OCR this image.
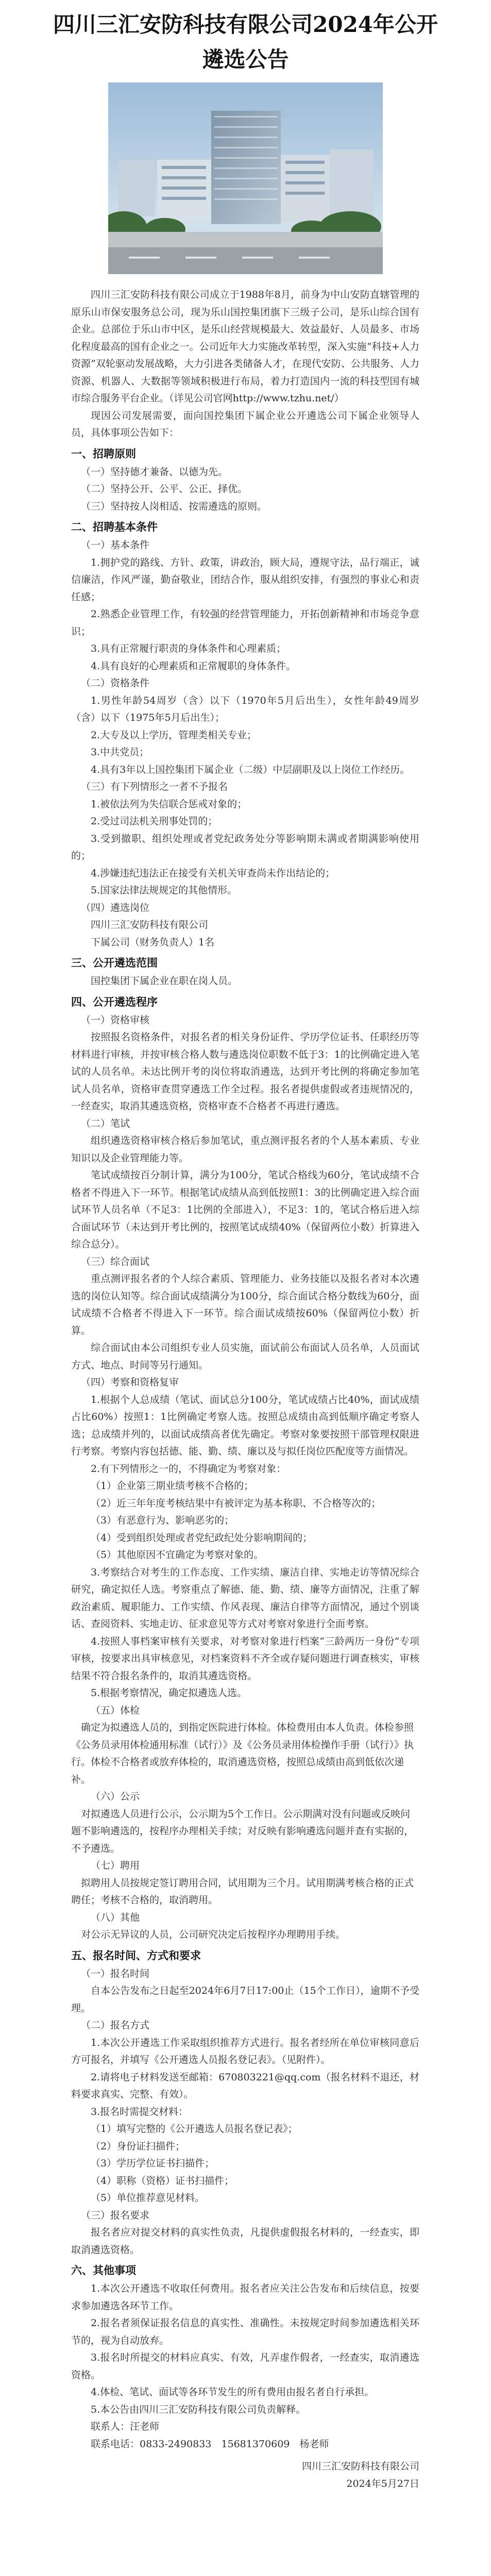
四川三汇安防科技有限公司2024年公开
遴选公告

四川三汇安防科技有限公司成立于1988年8月，前身为中山安防直辖管理的原乐山市保安服务总公司，现为乐山国控集团旗下三级子公司，是乐山综合国有企业。总部位于乐山市中区，是乐山经营规模最大、效益最好、人员最多、市场化程度最高的国有企业之一。公司近年大力实施改革转型，深入实施“科技+人力资源”双轮驱动发展战略，大力引进各类储备人才，在现代安防、公共服务、人力资源、机器人、大数据等领域积极进行布局，着力打造国内一流的科技型国有城市综合服务平台企业。（详见公司官网http://www.tzhu.net/）

现因公司发展需要，面向国控集团下属企业公开遴选公司下属企业领导人员，具体事项公告如下：

一、招聘原则

（一）坚持德才兼备、以德为先。

（二）坚持公开、公平、公正、择优。

（三）坚持按人岗相适、按需遴选的原则。

二、招聘基本条件

（一）基本条件

1.拥护党的路线、方针、政策，讲政治，顾大局，遵规守法，品行端正，诚信廉洁，作风严谨，勤奋敬业，团结合作，服从组织安排，有强烈的事业心和责任感；

2.熟悉企业管理工作，有较强的经营管理能力，开拓创新精神和市场竞争意识；

3.具有正常履行职责的身体条件和心理素质；

4.具有良好的心理素质和正常履职的身体条件。

（二）资格条件

1.男性年龄54周岁（含）以下（1970年5月后出生），女性年龄49周岁（含）以下（1975年5月后出生）；

2.大专及以上学历，管理类相关专业；

3.中共党员；

4.具有3年以上国控集团下属企业（二级）中层副职及以上岗位工作经历。

（三）有下列情形之一者不予报名

1.被依法列为失信联合惩戒对象的；

2.受过司法机关刑事处罚的；

3.受到撤职、组织处理或者党纪政务处分等影响期未满或者期满影响使用的；

4.涉嫌违纪违法正在接受有关机关审查尚未作出结论的；

5.国家法律法规规定的其他情形。

（四）遴选岗位

四川三汇安防科技有限公司

下属公司（财务负责人）1名

三、公开遴选范围

国控集团下属企业在职在岗人员。

四、公开遴选程序

（一）资格审核

按照报名资格条件，对报名者的相关身份证件、学历学位证书、任职经历等材料进行审核，并按审核合格人数与遴选岗位职数不低于3：1的比例确定进入笔试的人员名单。未达比例开考的岗位将取消遴选，达到开考比例的将确定参加笔试人员名单，资格审查贯穿遴选工作全过程。报名者提供虚假或者违规情况的，一经查实，取消其遴选资格，资格审查不合格者不再进行遴选。

（二）笔试

组织遴选资格审核合格后参加笔试，重点测评报名者的个人基本素质、专业知识以及企业管理能力等。

笔试成绩按百分制计算，满分为100分，笔试合格线为60分，笔试成绩不合格者不得进入下一环节。根据笔试成绩从高到低按照1：3的比例确定进入综合面试环节人员名单（不足3：1比例的全部进入），不足3：1的，笔试合格后进入综合面试环节（未达到开考比例的，按照笔试成绩40%（保留两位小数）折算进入综合总分）。

（三）综合面试

重点测评报名者的个人综合素质、管理能力、业务技能以及报名者对本次遴选的岗位认知等。综合面试成绩满分为100分，综合面试合格分数线为60分，面试成绩不合格者不得进入下一环节。综合面试成绩按60%（保留两位小数）折算。

综合面试由本公司组织专业人员实施，面试前公布面试人员名单，人员面试方式、地点、时间等另行通知。

（四）考察和资格复审

1.根据个人总成绩（笔试、面试总分100分，笔试成绩占比40%，面试成绩占比60%）按照1：1比例确定考察人选。按照总成绩由高到低顺序确定考察人选；总成绩并列的，以面试成绩高者优先确定。考察对象要按照干部管理权限进行考察。考察内容包括德、能、勤、绩、廉以及与拟任岗位匹配度等方面情况。

2.有下列情形之一的，不得确定为考察对象：

（1）企业第三期业绩考核不合格的；

（2）近三年年度考核结果中有被评定为基本称职、不合格等次的；

（3）有恶意行为、影响恶劣的；

（4）受到组织处理或者党纪政纪处分影响期间的；

（5）其他原因不宜确定为考察对象的。

3.考察结合对考生的工作态度、工作实绩、廉洁自律、实地走访等情况综合研究，确定拟任人选。考察重点了解德、能、勤、绩、廉等方面情况，注重了解政治素质、履职能力、工作实绩、作风表现、廉洁自律等方面情况，通过个别谈话、查阅资料、实地走访、征求意见等方式对考察对象进行全面考察。

4.按照人事档案审核有关要求，对考察对象进行档案“三龄两历一身份”专项审核，按要求出具审核意见，对档案资料不齐全或存疑问题进行调查核实，审核结果不符合报名条件的，取消其遴选资格。

5.根据考察情况，确定拟遴选人选。

（五）体检

确定为拟遴选人员的，到指定医院进行体检。体检费用由本人负责。体检参照《公务员录用体检通用标准（试行）》及《公务员录用体检操作手册（试行）》执行。体检不合格者或放弃体检的，取消遴选资格，按照总成绩由高到低依次递补。

（六）公示

对拟遴选人员进行公示，公示期为5个工作日。公示期满对没有问题或反映问题不影响遴选的，按程序办理相关手续；对反映有影响遴选问题并查有实据的，不予遴选。

（七）聘用

拟聘用人员按规定签订聘用合同，试用期为三个月。试用期满考核合格的正式聘任；考核不合格的，取消聘用。

（八）其他

对公示无异议的人员，公司研究决定后按程序办理聘用手续。

五、报名时间、方式和要求

（一）报名时间

自本公告发布之日起至2024年6月7日17:00止（15个工作日），逾期不予受理。

（二）报名方式

1.本次公开遴选工作采取组织推荐方式进行。报名者经所在单位审核同意后方可报名，并填写《公开遴选人员报名登记表》。（见附件）。

2.请将电子材料发送至邮箱：670803221@qq.com（报名材料不退还，材料要求真实、完整、有效）。

3.报名时需提交材料：

（1）填写完整的《公开遴选人员报名登记表》；

（2）身份证扫描件；

（3）学历学位证书扫描件；

（4）职称（资格）证书扫描件；

（5）单位推荐意见材料。

（三）报名要求

报名者应对提交材料的真实性负责，凡提供虚假报名材料的，一经查实，即取消遴选资格。

六、其他事项

1.本次公开遴选不收取任何费用。报名者应关注公告发布和后续信息，按要求参加遴选各环节工作。

2.报名者须保证报名信息的真实性、准确性。未按规定时间参加遴选相关环节的，视为自动放弃。

3.报名时所提交的材料应真实、有效，凡弄虚作假者，一经查实，取消遴选资格。

4.体检、笔试、面试等各环节发生的所有费用由报名者自行承担。

5.本公告由四川三汇安防科技有限公司负责解释。

联系人：汪老师

联系电话：0833-2490833　15681370609　杨老师

四川三汇安防科技有限公司

2024年5月27日
